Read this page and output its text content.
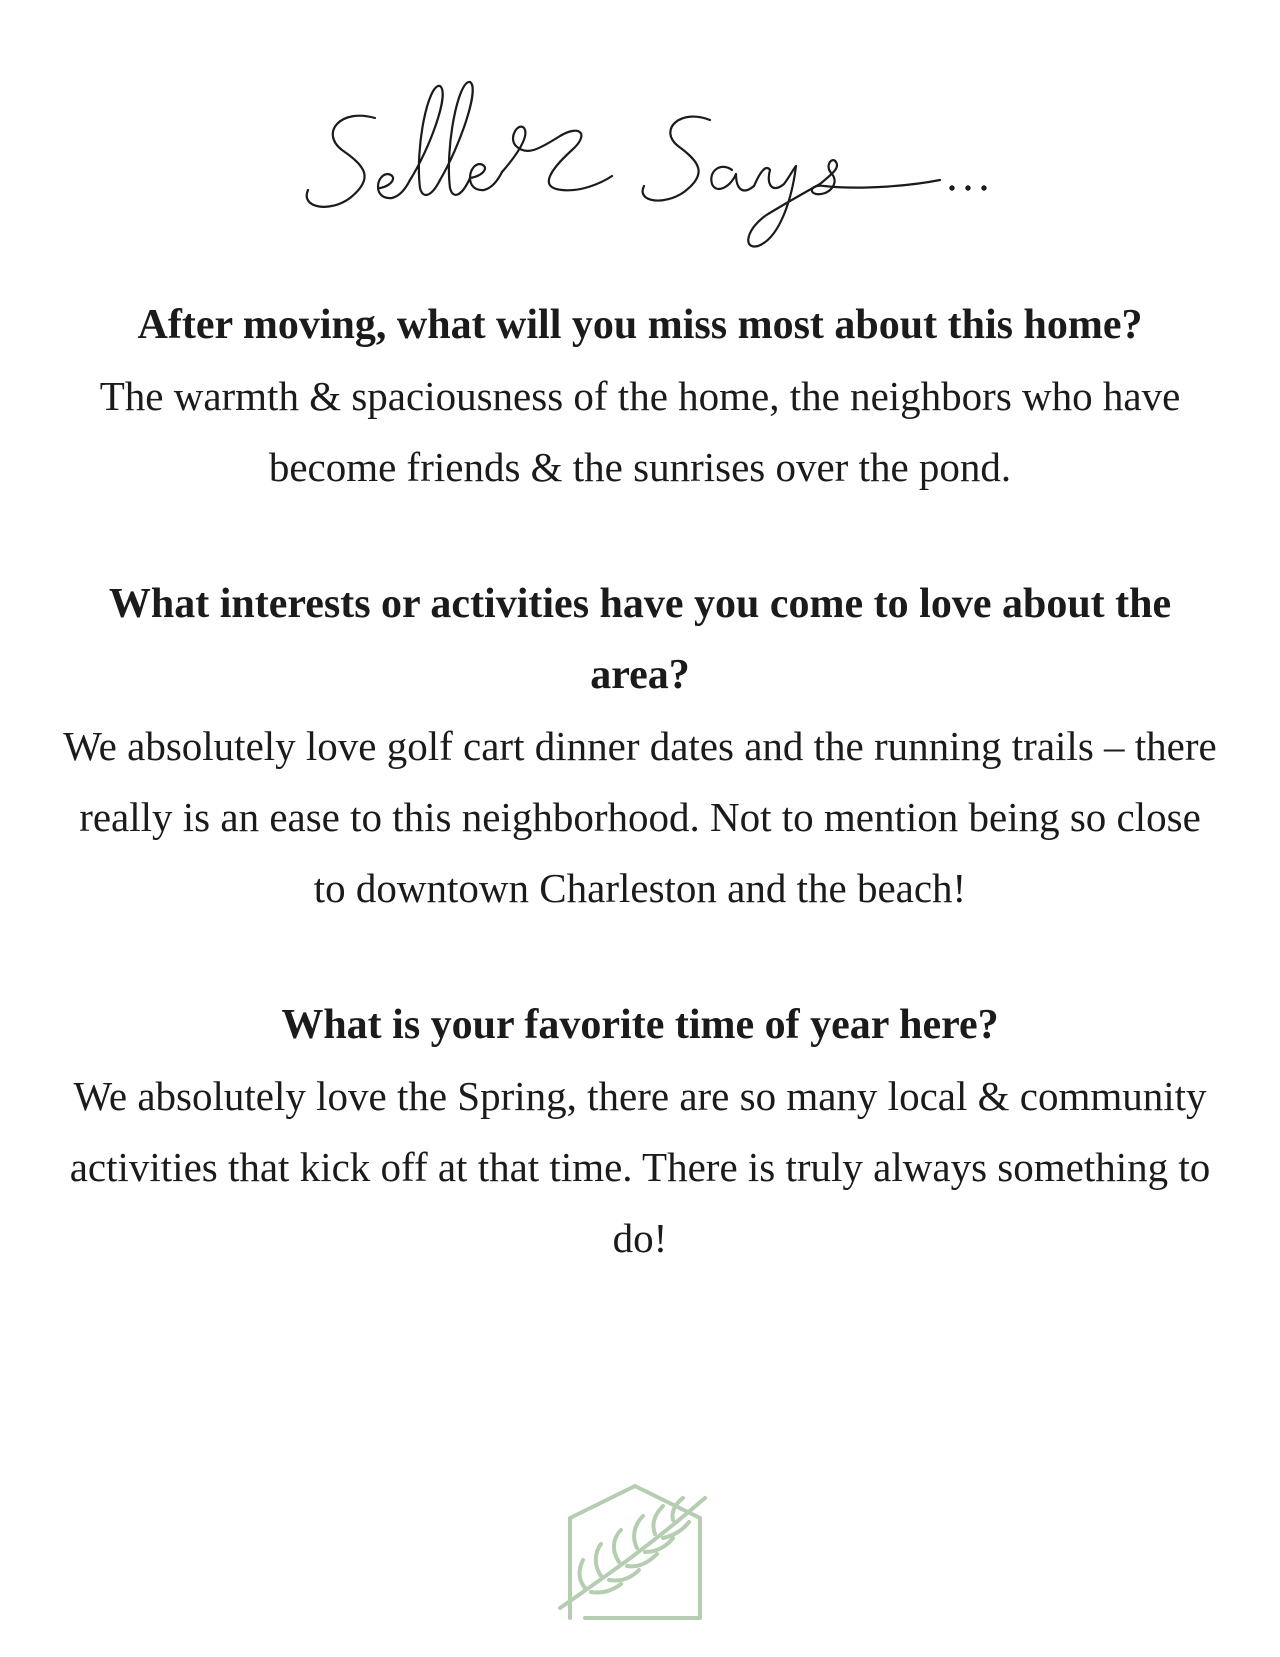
After moving, what will you miss most about this home?

The warmth & spaciousness of the home, the neighbors who have become friends & the sunrises over the pond.

What interests or activities have you come to love about the area?

We absolutely love golf cart dinner dates and the running trails – there really is an ease to this neighborhood. Not to mention being so close to downtown Charleston and the beach!

What is your favorite time of year here?

We absolutely love the Spring, there are so many local & community activities that kick off at that time. There is truly always something to do!
